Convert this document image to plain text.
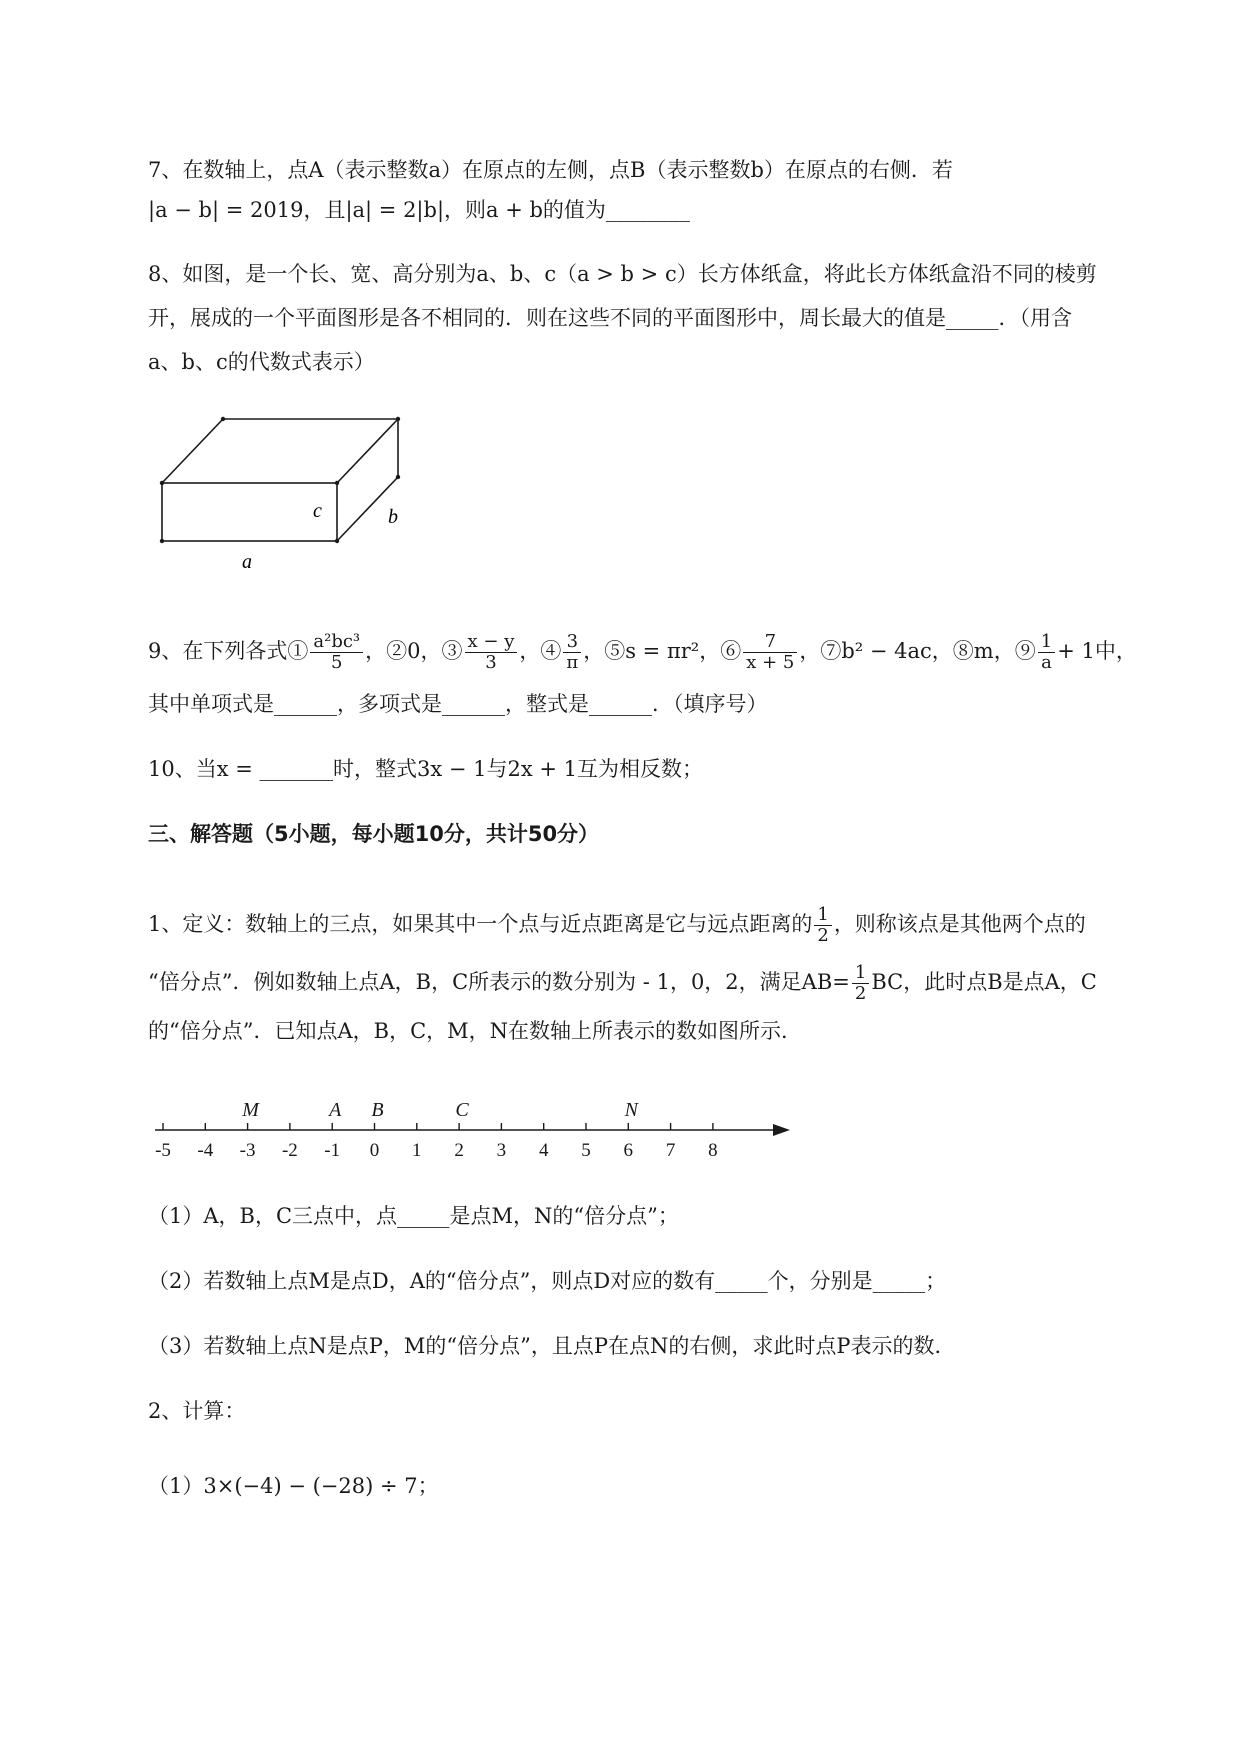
7、在数轴上，点A（表示整数a）在原点的左侧，点B（表示整数b）在原点的右侧．若
|a − b| = 2019，且|a| = 2|b|，则a + b的值为________
8、如图，是一个长、宽、高分别为a、b、c（a > b > c）长方体纸盒，将此长方体纸盒沿不同的棱剪
开，展成的一个平面图形是各不相同的．则在这些不同的平面图形中，周长最大的值是_____．（用含
a、b、c的代数式表示）
c	b
a
9、在下列各式① $\frac{\text{a²bc³}}{5}$ ，②0，③ $\frac{x - y}{3}$ ，④ $\frac{3}{\pi}$ ，⑤s = πr²，⑥ $\frac{7}{x + 5}$ ，⑦b² − 4ac，⑧m，⑨ $\frac{1}{a} + 1$中，
其中单项式是______，多项式是______，整式是______．（填序号）
10、当x = _______时，整式3x − 1与2x + 1互为相反数；
三、解答题（5小题，每小题10分，共计50分）
1、定义：数轴上的三点，如果其中一个点与近点距离是它与远点距离的 $\frac{1}{2}$ ，则称该点是其他两个点的
“倍分点”．例如数轴上点A，B，C所表示的数分别为 - 1，0，2，满足$AB= \frac{1}{2}$ BC，此时点B是点A，C
的“倍分点”．已知点A，B，C，M，N在数轴上所表示的数如图所示．
-5 -4 -3 -2 -1 0 1 2 3 4 5 6 7 8
M	A B	C	N
（1）A，B，C三点中，点_____是点M，N的“倍分点”；
（2）若数轴上点M是点D，A的“倍分点”，则点D对应的数有_____个，分别是_____；
（3）若数轴上点N是点P，M的“倍分点”，且点P在点N的右侧，求此时点P表示的数．
2、计算：
（1）3×(−4) − (−28) ÷ 7；
